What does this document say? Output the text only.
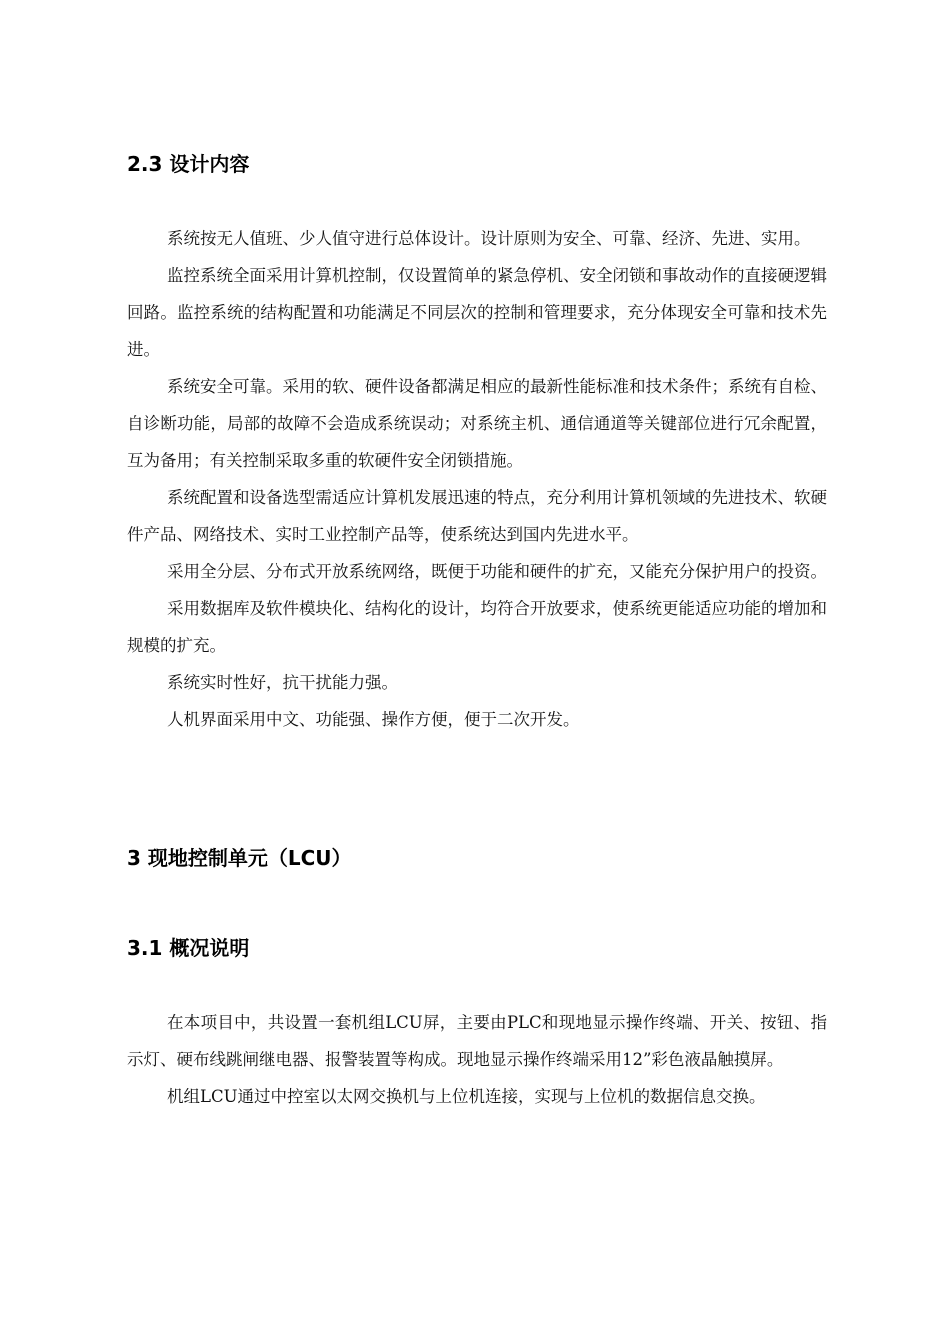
2.3 设计内容

系统按无人值班、少人值守进行总体设计。设计原则为安全、可靠、经济、先进、实用。

监控系统全面采用计算机控制，仅设置简单的紧急停机、安全闭锁和事故动作的直接硬逻辑回路。监控系统的结构配置和功能满足不同层次的控制和管理要求，充分体现安全可靠和技术先进。

系统安全可靠。采用的软、硬件设备都满足相应的最新性能标准和技术条件；系统有自检、自诊断功能，局部的故障不会造成系统误动；对系统主机、通信通道等关键部位进行冗余配置，互为备用；有关控制采取多重的软硬件安全闭锁措施。

系统配置和设备选型需适应计算机发展迅速的特点，充分利用计算机领域的先进技术、软硬件产品、网络技术、实时工业控制产品等，使系统达到国内先进水平。

采用全分层、分布式开放系统网络，既便于功能和硬件的扩充，又能充分保护用户的投资。

采用数据库及软件模块化、结构化的设计，均符合开放要求，使系统更能适应功能的增加和规模的扩充。

系统实时性好，抗干扰能力强。

人机界面采用中文、功能强、操作方便，便于二次开发。

3 现地控制单元（LCU）
3.1 概况说明

在本项目中，共设置一套机组LCU屏，主要由PLC和现地显示操作终端、开关、按钮、指示灯、硬布线跳闸继电器、报警装置等构成。现地显示操作终端采用12”彩色液晶触摸屏。

机组LCU通过中控室以太网交换机与上位机连接，实现与上位机的数据信息交换。
